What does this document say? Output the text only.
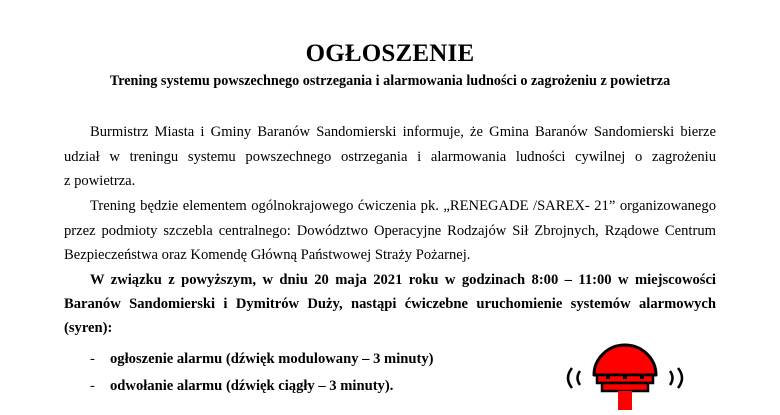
OGŁOSZENIE
Trening systemu powszechnego ostrzegania i alarmowania ludności o zagrożeniu z powietrza
Burmistrz Miasta i Gminy Baranów Sandomierski informuje, że Gmina Baranów Sandomierski bierze
udział w treningu systemu powszechnego ostrzegania i alarmowania ludności cywilnej o zagrożeniu
z powietrza.
Trening będzie elementem ogólnokrajowego ćwiczenia pk. „RENEGADE /SAREX- 21” organizowanego
przez podmioty szczebla centralnego: Dowództwo Operacyjne Rodzajów Sił Zbrojnych, Rządowe Centrum
Bezpieczeństwa oraz Komendę Główną Państwowej Straży Pożarnej.
W związku z powyższym, w dniu 20 maja 2021 roku w godzinach 8:00 – 11:00 w miejscowości
Baranów Sandomierski i Dymitrów Duży, nastąpi ćwiczebne uruchomienie systemów alarmowych
(syren):
- ogłoszenie alarmu (dźwięk modulowany – 3 minuty)
- odwołanie alarmu (dźwięk ciągły – 3 minuty).
